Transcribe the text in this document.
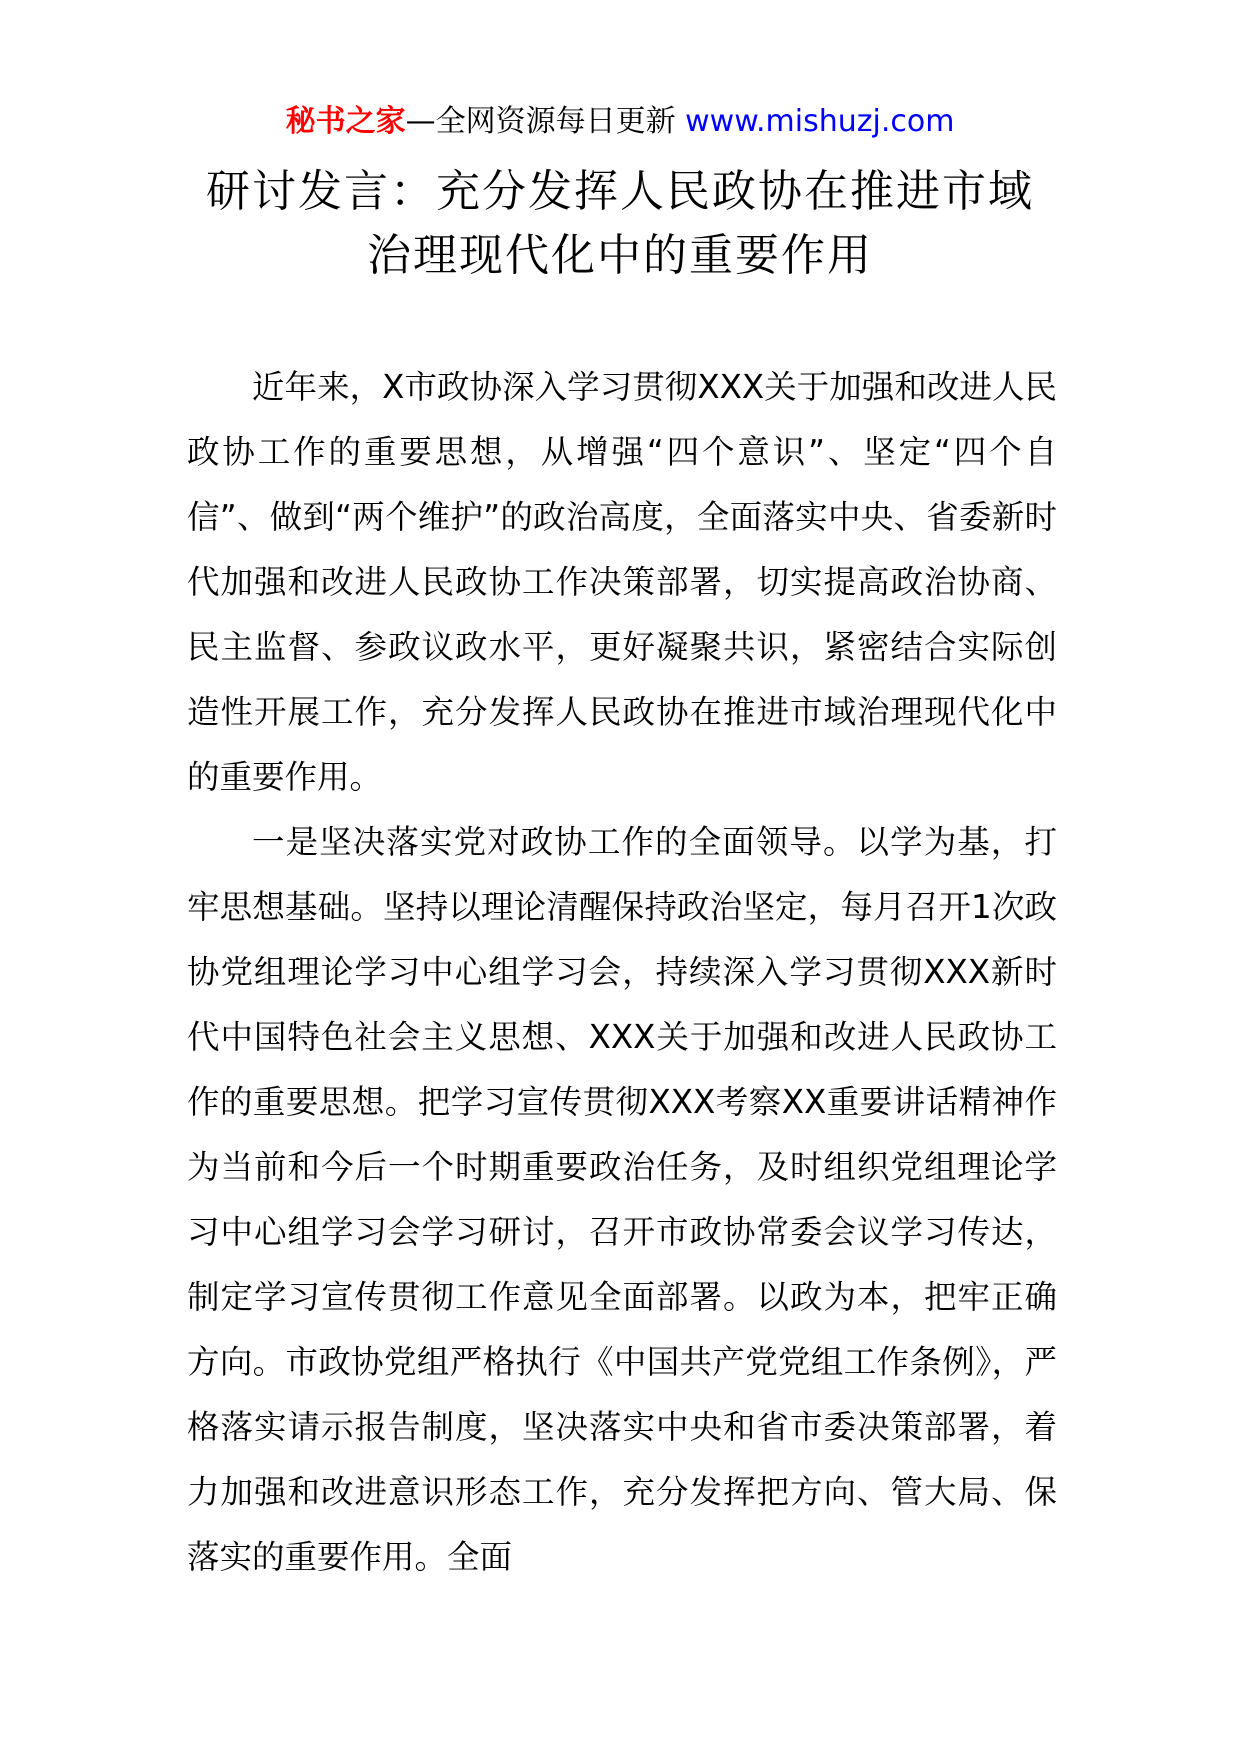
秘书之家—全网资源每日更新 www.mishuzj.com
研讨发言：充分发挥人民政协在推进市域
治理现代化中的重要作用

近年来，X市政协深入学习贯彻XXX关于加强和改进人民政协工作的重要思想，从增强“四个意识”、坚定“四个自信”、做到“两个维护”的政治高度，全面落实中央、省委新时代加强和改进人民政协工作决策部署，切实提高政治协商、民主监督、参政议政水平，更好凝聚共识，紧密结合实际创造性开展工作，充分发挥人民政协在推进市域治理现代化中的重要作用。

一是坚决落实党对政协工作的全面领导。以学为基，打牢思想基础。坚持以理论清醒保持政治坚定，每月召开1次政协党组理论学习中心组学习会，持续深入学习贯彻XXX新时代中国特色社会主义思想、XXX关于加强和改进人民政协工作的重要思想。把学习宣传贯彻XXX考察XX重要讲话精神作为当前和今后一个时期重要政治任务，及时组织党组理论学习中心组学习会学习研讨，召开市政协常委会议学习传达，制定学习宣传贯彻工作意见全面部署。以政为本，把牢正确方向。市政协党组严格执行《中国共产党党组工作条例》，严格落实请示报告制度，坚决落实中央和省市委决策部署，着力加强和改进意识形态工作，充分发挥把方向、管大局、保落实的重要作用。全面
